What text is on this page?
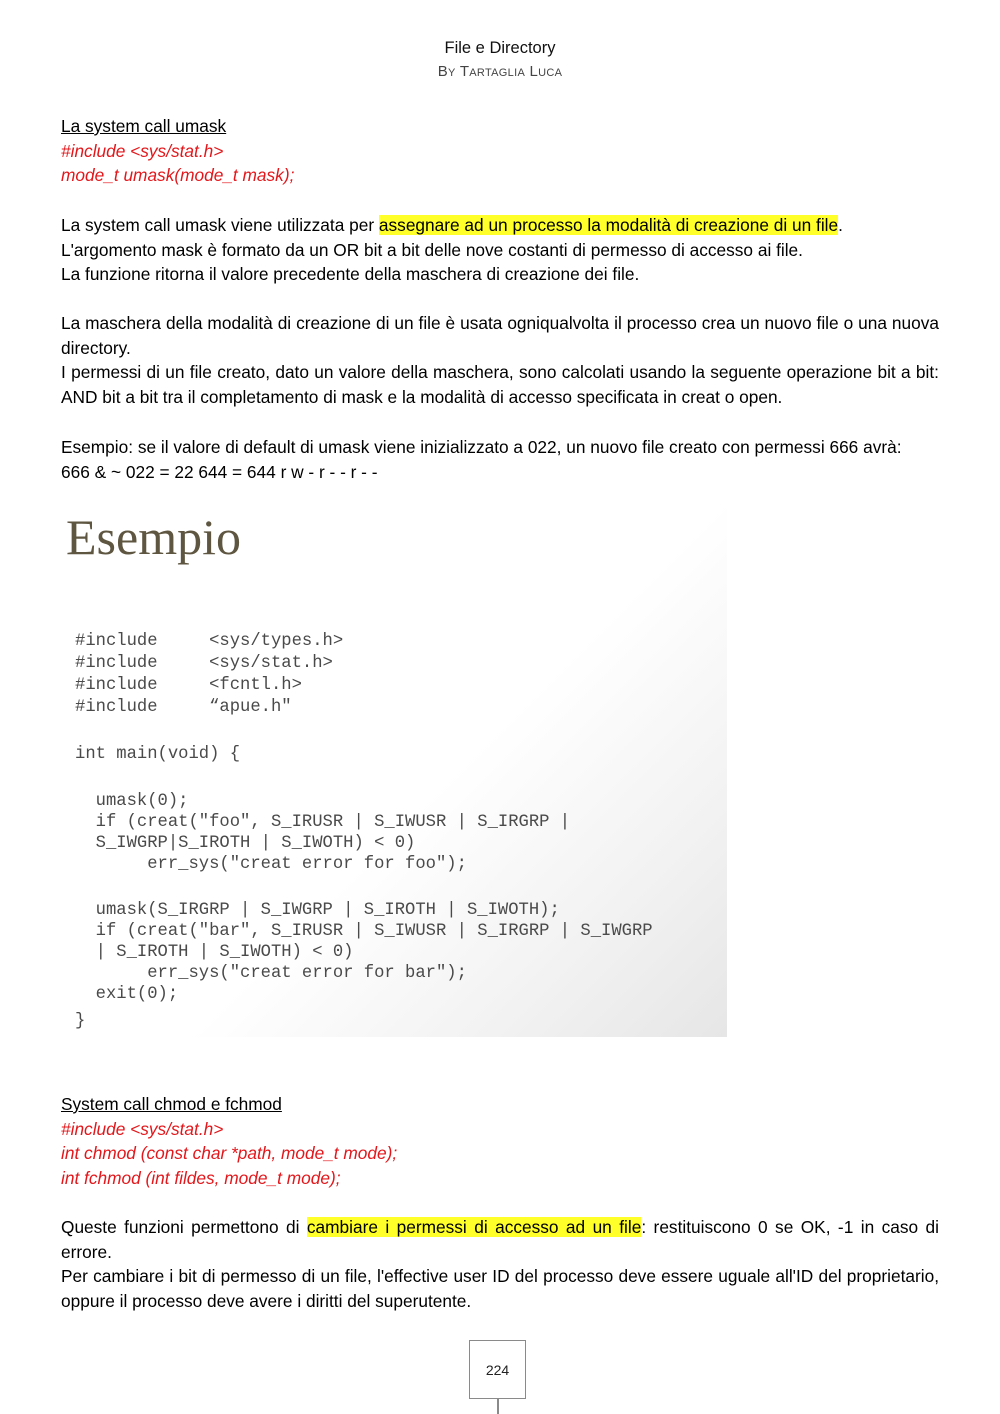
File e Directory
By Tartaglia Luca

La system call umask

#include <sys/stat.h>

mode_t umask(mode_t mask);

La system call umask viene utilizzata per assegnare ad un processo la modalità di creazione di un file.

L'argomento mask è formato da un OR bit a bit delle nove costanti di permesso di accesso ai file.

La funzione ritorna il valore precedente della maschera di creazione dei file.

La maschera della modalità di creazione di un file è usata ogniqualvolta il processo crea un nuovo file o una nuova directory.

I permessi di un file creato, dato un valore della maschera, sono calcolati usando la seguente operazione bit a bit: AND bit a bit tra il completamento di mask e la modalità di accesso specificata in creat o open.

Esempio: se il valore di default di umask viene inizializzato a 022, un nuovo file creato con permessi 666 avrà:

666 & ~ 022 = 22 644 = 644 r w - r - - r - -

Esempio
#include     <sys/types.h>
#include     <sys/stat.h>
#include     <fcntl.h>
#include     “apue.h"
int main(void) {
umask(0);
if (creat("foo", S_IRUSR | S_IWUSR | S_IRGRP |
S_IWGRP|S_IROTH | S_IWOTH) < 0)
err_sys("creat error for foo");
umask(S_IRGRP | S_IWGRP | S_IROTH | S_IWOTH);
if (creat("bar", S_IRUSR | S_IWUSR | S_IRGRP | S_IWGRP
| S_IROTH | S_IWOTH) < 0)
err_sys("creat error for bar");
exit(0);
}

System call chmod e fchmod

#include <sys/stat.h>

int chmod (const char *path, mode_t mode);

int fchmod (int fildes, mode_t mode);

Queste funzioni permettono di cambiare i permessi di accesso ad un file: restituiscono 0 se OK, -1 in caso di errore.

Per cambiare i bit di permesso di un file, l'effective user ID del processo deve essere uguale all'ID del proprietario, oppure il processo deve avere i diritti del superutente.

224
